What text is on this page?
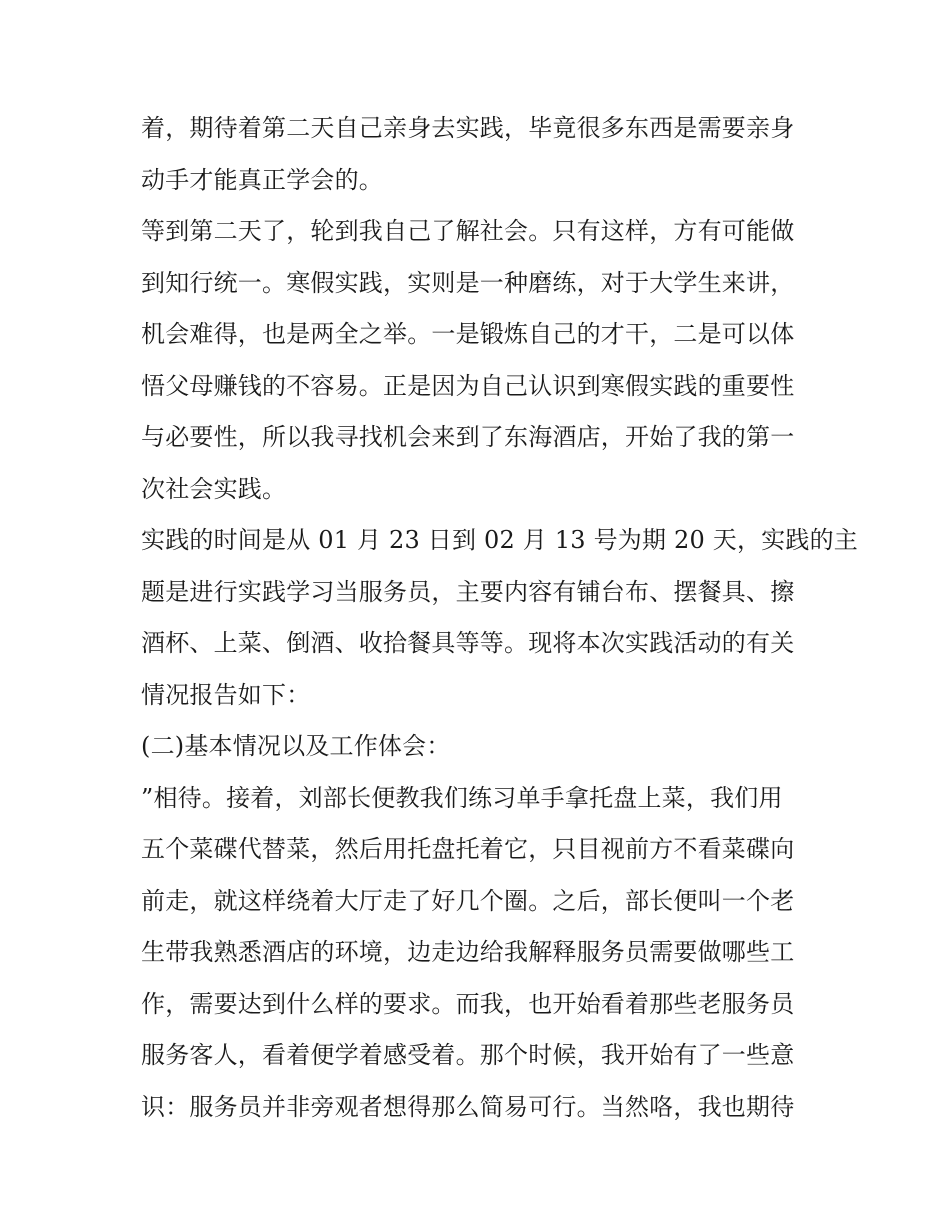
着，期待着第二天自己亲身去实践，毕竟很多东西是需要亲身
动手才能真正学会的。
等到第二天了，轮到我自己了解社会。只有这样，方有可能做
到知行统一。寒假实践，实则是一种磨练，对于大学生来讲，
机会难得，也是两全之举。一是锻炼自己的才干，二是可以体
悟父母赚钱的不容易。正是因为自己认识到寒假实践的重要性
与必要性，所以我寻找机会来到了东海酒店，开始了我的第一
次社会实践。
实践的时间是从 01 月 23 日到 02 月 13 号为期 20 天，实践的主
题是进行实践学习当服务员，主要内容有铺台布、摆餐具、擦
酒杯、上菜、倒酒、收拾餐具等等。现将本次实践活动的有关
情况报告如下：
(二)基本情况以及工作体会：
”相待。接着，刘部长便教我们练习单手拿托盘上菜，我们用
五个菜碟代替菜，然后用托盘托着它，只目视前方不看菜碟向
前走，就这样绕着大厅走了好几个圈。之后，部长便叫一个老
生带我熟悉酒店的环境，边走边给我解释服务员需要做哪些工
作，需要达到什么样的要求。而我，也开始看着那些老服务员
服务客人，看着便学着感受着。那个时候，我开始有了一些意
识：服务员并非旁观者想得那么简易可行。当然咯，我也期待
